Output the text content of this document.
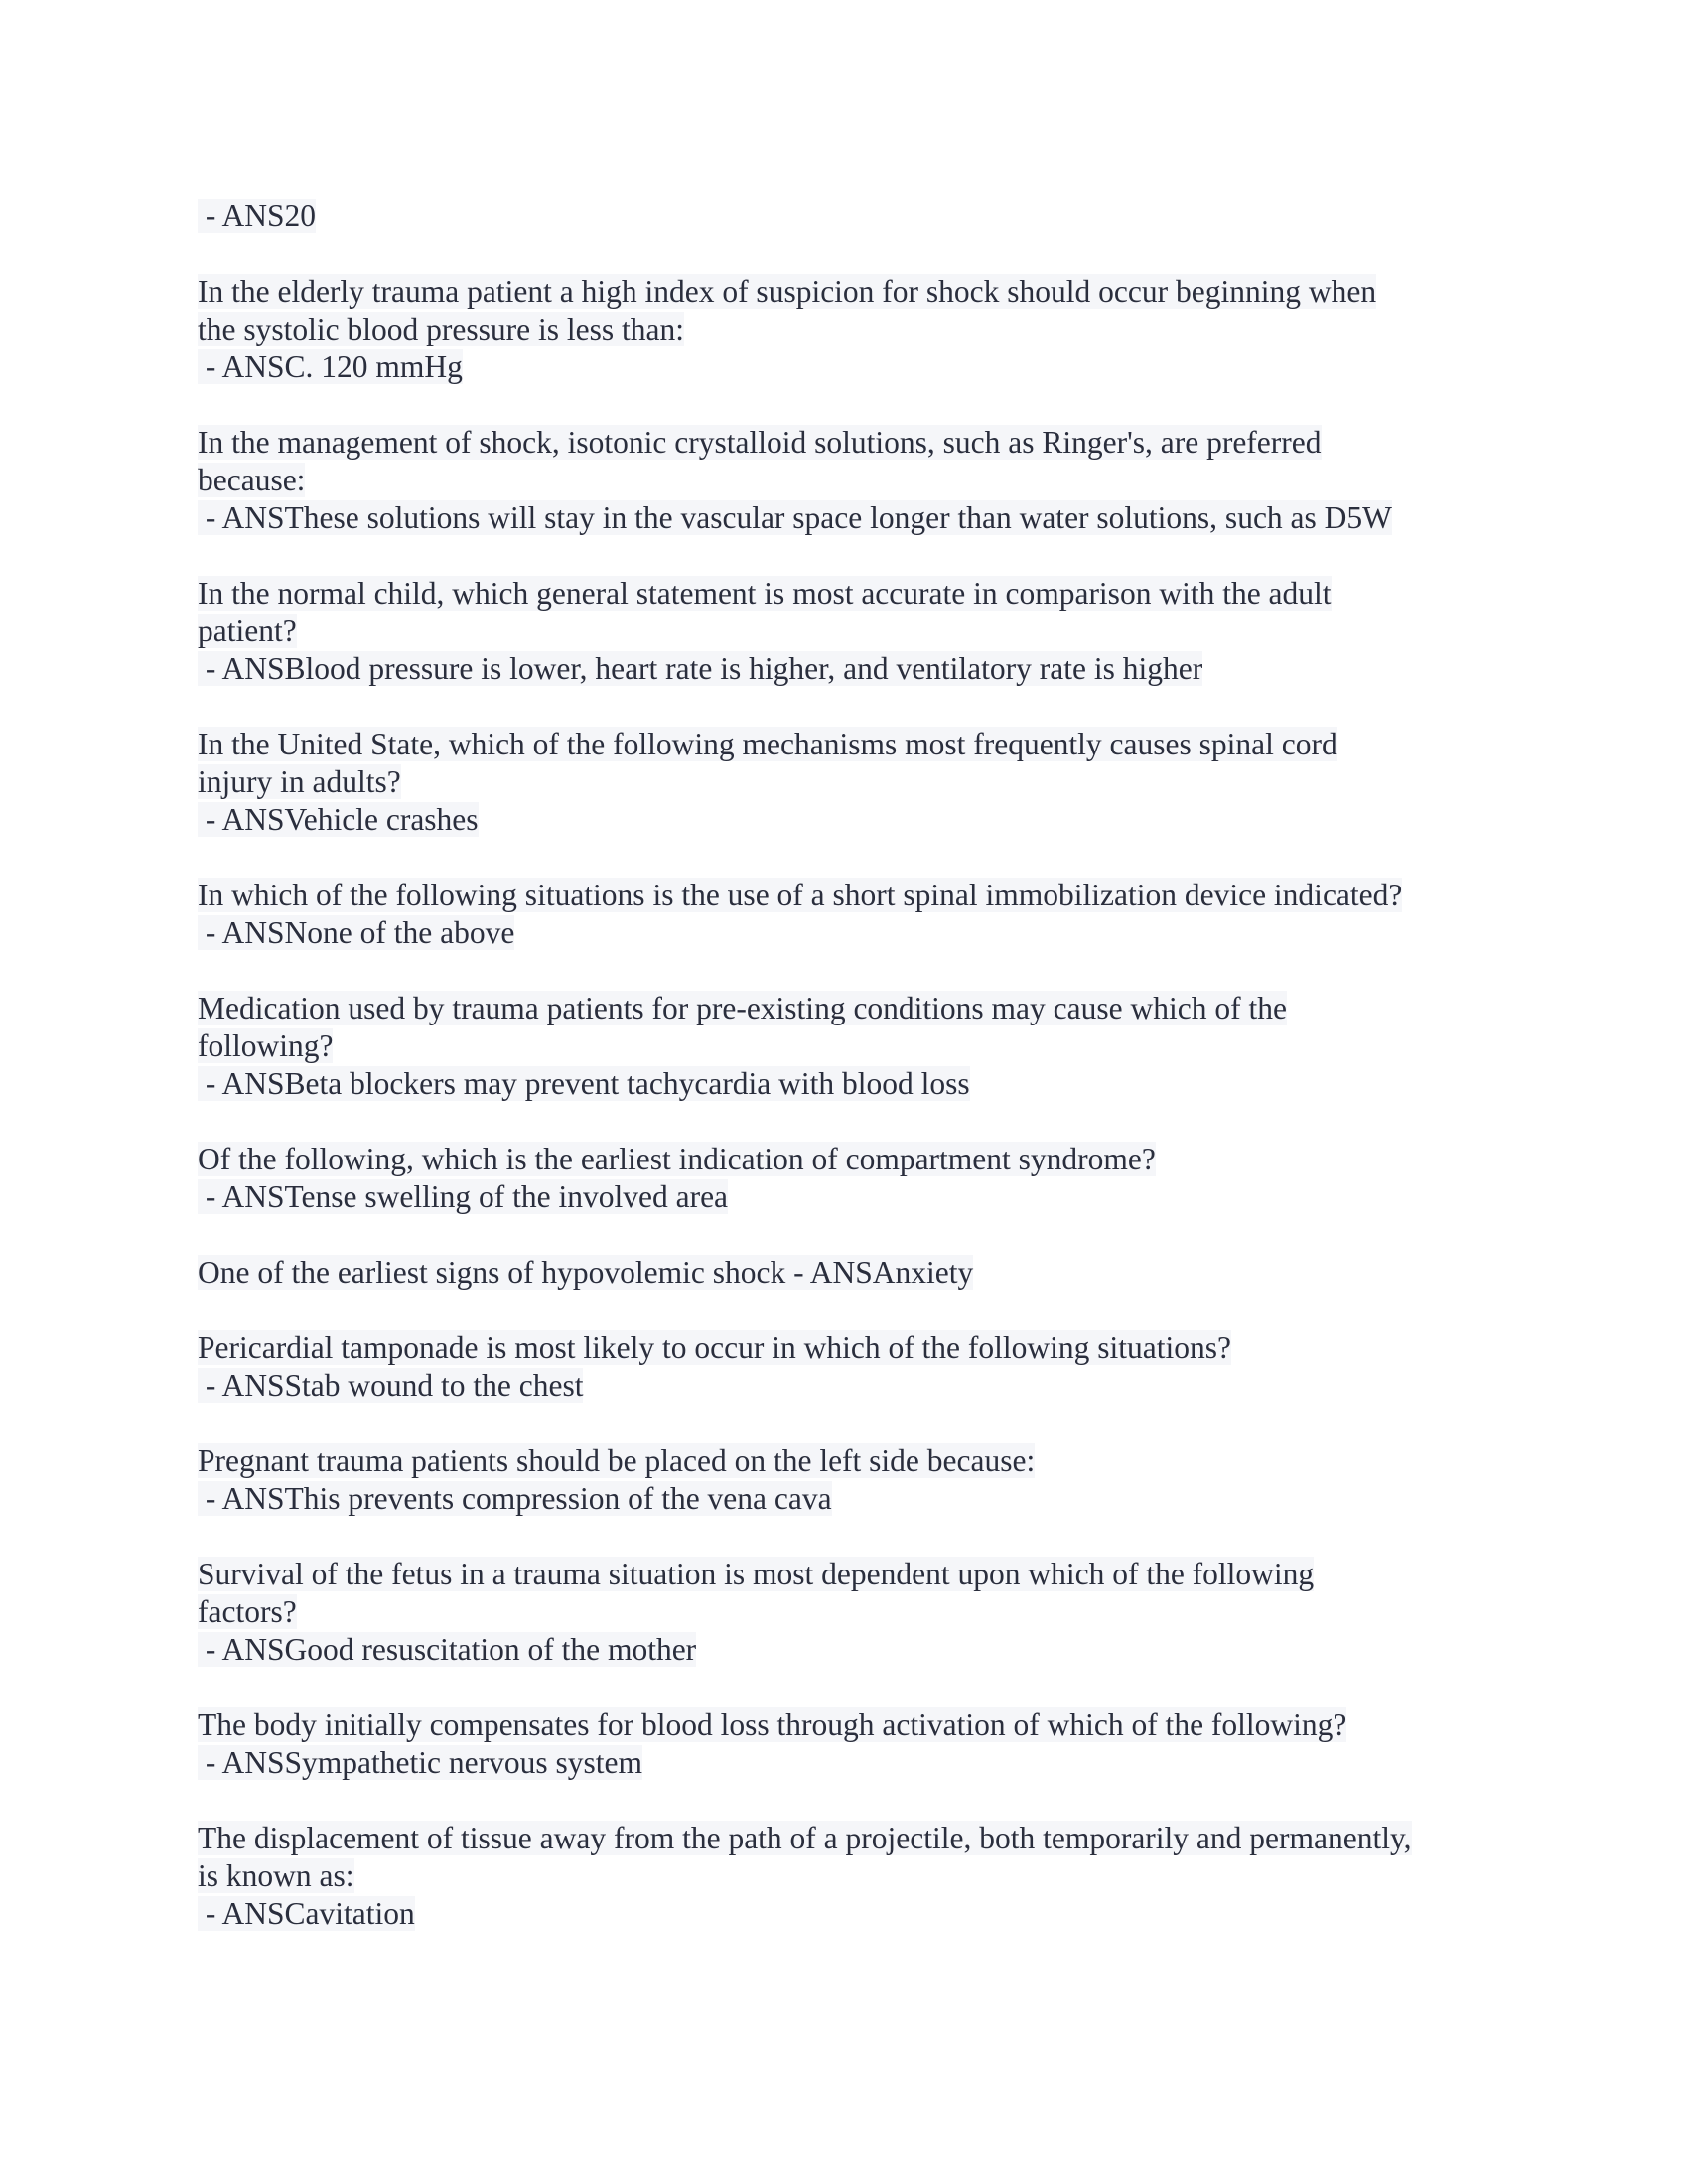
- ANS20
In the elderly trauma patient a high index of suspicion for shock should occur beginning when
the systolic blood pressure is less than:
- ANSC. 120 mmHg
In the management of shock, isotonic crystalloid solutions, such as Ringer's, are preferred
because:
- ANSThese solutions will stay in the vascular space longer than water solutions, such as D5W
In the normal child, which general statement is most accurate in comparison with the adult
patient?
- ANSBlood pressure is lower, heart rate is higher, and ventilatory rate is higher
In the United State, which of the following mechanisms most frequently causes spinal cord
injury in adults?
- ANSVehicle crashes
In which of the following situations is the use of a short spinal immobilization device indicated?
- ANSNone of the above
Medication used by trauma patients for pre-existing conditions may cause which of the
following?
- ANSBeta blockers may prevent tachycardia with blood loss
Of the following, which is the earliest indication of compartment syndrome?
- ANSTense swelling of the involved area
One of the earliest signs of hypovolemic shock - ANSAnxiety
Pericardial tamponade is most likely to occur in which of the following situations?
- ANSStab wound to the chest
Pregnant trauma patients should be placed on the left side because:
- ANSThis prevents compression of the vena cava
Survival of the fetus in a trauma situation is most dependent upon which of the following
factors?
- ANSGood resuscitation of the mother
The body initially compensates for blood loss through activation of which of the following?
- ANSSympathetic nervous system
The displacement of tissue away from the path of a projectile, both temporarily and permanently,
is known as:
- ANSCavitation
